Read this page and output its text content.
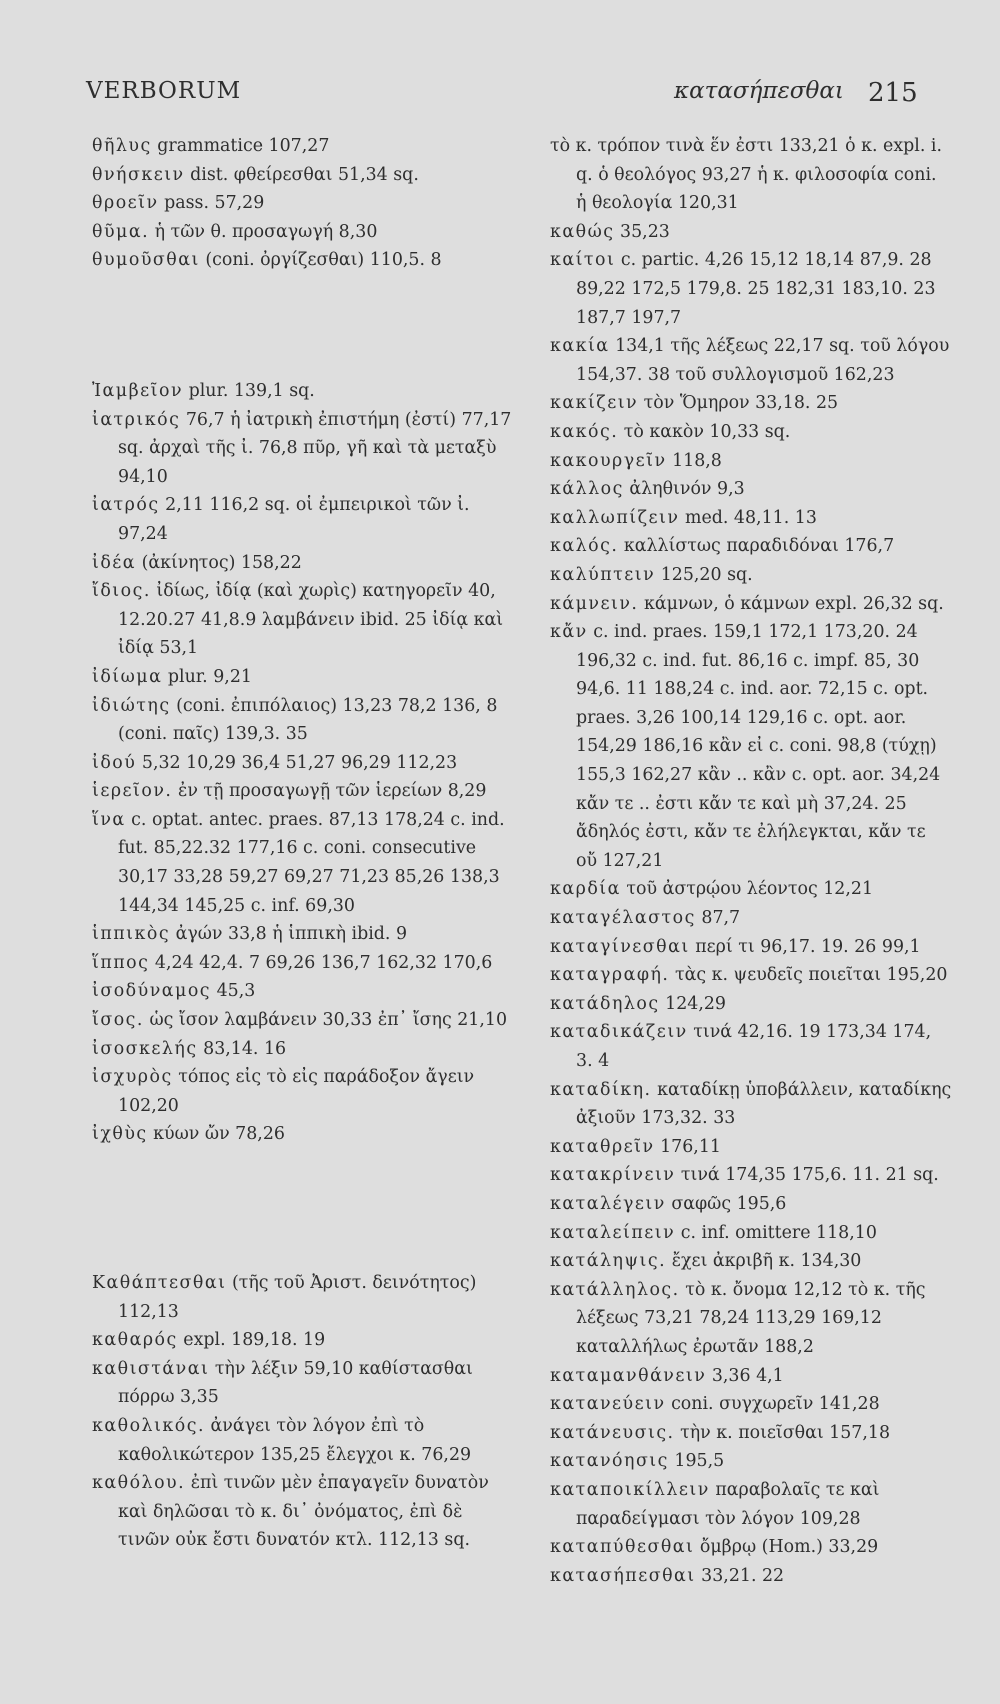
VERBORUM	κατασήπεσθαι 215

θῆλυς grammatice 107,27

θνήσκειν dist. φθείρεσθαι 51,34 sq.

θροεῖν pass. 57,29

θῦμα. ἡ τῶν θ. προσαγωγή 8,30

θυμοῦσθαι (coni. ὀργίζεσθαι) 110,5. 8

Ἰαμβεῖον plur. 139,1 sq.

ἰατρικός 76,7 ἡ ἰατρικὴ ἐπιστήμη (ἐστί) 77,17 sq. ἀρχαὶ τῆς ἰ. 76,8 πῦρ, γῆ καὶ τὰ μεταξὺ 94,10

ἰατρός 2,11 116,2 sq. οἱ ἐμπειρικοὶ τῶν ἰ. 97,24

ἰδέα (ἀκίνητος) 158,22

ἴδιος. ἰδίως, ἰδίᾳ (καὶ χωρὶς) κατηγορεῖν 40, 12.20.27 41,8.9 λαμβάνειν ibid. 25 ἰδίᾳ καὶ ἰδίᾳ 53,1

ἰδίωμα plur. 9,21

ἰδιώτης (coni. ἐπιπόλαιος) 13,23 78,2 136, 8 (coni. παῖς) 139,3. 35

ἰδού 5,32 10,29 36,4 51,27 96,29 112,23

ἱερεῖον. ἐν τῇ προσαγωγῇ τῶν ἱερείων 8,29

ἵνα c. optat. antec. praes. 87,13 178,24 c. ind. fut. 85,22.32 177,16 c. coni. consecutive 30,17 33,28 59,27 69,27 71,23 85,26 138,3 144,34 145,25 c. inf. 69,30

ἱππικὸς ἀγών 33,8 ἡ ἱππικὴ ibid. 9

ἵππος 4,24 42,4. 7 69,26 136,7 162,32 170,6

ἰσοδύναμος 45,3

ἴσος. ὡς ἴσον λαμβάνειν 30,33 ἐπ᾽ ἴσης 21,10

ἰσοσκελής 83,14. 16

ἰσχυρὸς τόπος εἰς τὸ εἰς παράδοξον ἄγειν 102,20

ἰχθὺς κύων ὤν 78,26

Καθάπτεσθαι (τῆς τοῦ Ἀριστ. δεινότητος) 112,13

καθαρός expl. 189,18. 19

καθιστάναι τὴν λέξιν 59,10 καθίστασθαι πόρρω 3,35

καθολικός. ἀνάγει τὸν λόγον ἐπὶ τὸ καθολικώτερον 135,25 ἔλεγχοι κ. 76,29

καθόλου. ἐπὶ τινῶν μὲν ἐπαγαγεῖν δυνατὸν καὶ δηλῶσαι τὸ κ. δι᾽ ὀνόματος, ἐπὶ δὲ τινῶν οὐκ ἔστι δυνατόν κτλ. 112,13 sq.

τὸ κ. τρόπον τινὰ ἕν ἐστι 133,21 ὁ κ. expl. i. q. ὁ θεολόγος 93,27 ἡ κ. φιλοσοφία coni. ἡ θεολογία 120,31

καθώς 35,23

καίτοι c. partic. 4,26 15,12 18,14 87,9. 28 89,22 172,5 179,8. 25 182,31 183,10. 23 187,7 197,7

κακία 134,1 τῆς λέξεως 22,17 sq. τοῦ λόγου 154,37. 38 τοῦ συλλογισμοῦ 162,23

κακίζειν τὸν Ὅμηρον 33,18. 25

κακός. τὸ κακὸν 10,33 sq.

κακουργεῖν 118,8

κάλλος ἀληθινόν 9,3

καλλωπίζειν med. 48,11. 13

καλός. καλλίστως παραδιδόναι 176,7

καλύπτειν 125,20 sq.

κάμνειν. κάμνων, ὁ κάμνων expl. 26,32 sq.

κἄν c. ind. praes. 159,1 172,1 173,20. 24 196,32 c. ind. fut. 86,16 c. impf. 85, 30 94,6. 11 188,24 c. ind. aor. 72,15 c. opt. praes. 3,26 100,14 129,16 c. opt. aor. 154,29 186,16 κἂν εἰ c. coni. 98,8 (τύχῃ) 155,3 162,27 κἂν .. κἂν c. opt. aor. 34,24 κἄν τε .. ἐστι κἄν τε καὶ μὴ 37,24. 25 ἄδηλός ἐστι, κἄν τε ἐλήλεγκται, κἄν τε οὔ 127,21

καρδία τοῦ ἀστρῴου λέοντος 12,21

καταγέλαστος 87,7

καταγίνεσθαι περί τι 96,17. 19. 26 99,1

καταγραφή. τὰς κ. ψευδεῖς ποιεῖται 195,20

κατάδηλος 124,29

καταδικάζειν τινά 42,16. 19 173,34 174, 3. 4

καταδίκη. καταδίκῃ ὑποβάλλειν, καταδίκης ἀξιοῦν 173,32. 33

καταθρεῖν 176,11

κατακρίνειν τινά 174,35 175,6. 11. 21 sq.

καταλέγειν σαφῶς 195,6

καταλείπειν c. inf. omittere 118,10

κατάληψις. ἔχει ἀκριβῆ κ. 134,30

κατάλληλος. τὸ κ. ὄνομα 12,12 τὸ κ. τῆς λέξεως 73,21 78,24 113,29 169,12 καταλλήλως ἐρωτᾶν 188,2

καταμανθάνειν 3,36 4,1

κατανεύειν coni. συγχωρεῖν 141,28

κατάνευσις. τὴν κ. ποιεῖσθαι 157,18

κατανόησις 195,5

καταποικίλλειν παραβολαῖς τε καὶ παραδείγμασι τὸν λόγον 109,28

καταπύθεσθαι ὄμβρῳ (Hom.) 33,29

κατασήπεσθαι 33,21. 22
